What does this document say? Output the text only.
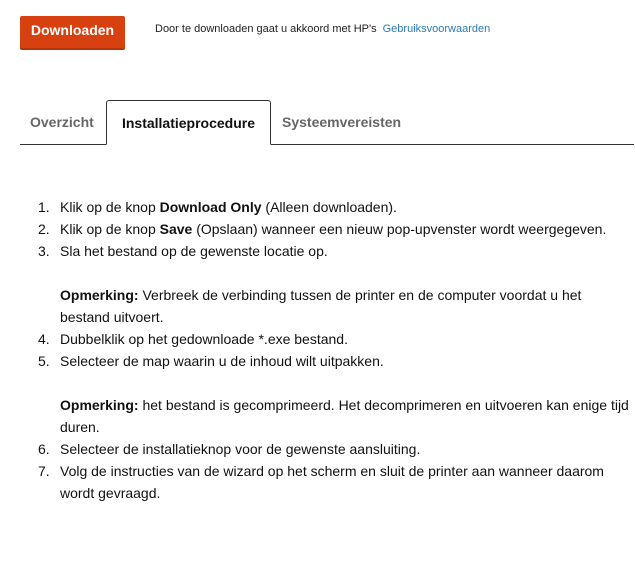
Downloaden	Door te downloaden gaat u akkoord met HP's Gebruiksvoorwaarden
Overzicht	Installatieprocedure	Systeemvereisten
1. Klik op de knop Download Only (Alleen downloaden).
2. Klik op de knop Save (Opslaan) wanneer een nieuw pop-upvenster wordt weergegeven.
3. Sla het bestand op de gewenste locatie op.

Opmerking: Verbreek de verbinding tussen de printer en de computer voordat u het bestand uitvoert.

4. Dubbelklik op het gedownloade *.exe bestand.
5. Selecteer de map waarin u de inhoud wilt uitpakken.

Opmerking: het bestand is gecomprimeerd. Het decomprimeren en uitvoeren kan enige tijd duren.

6. Selecteer de installatieknop voor de gewenste aansluiting.
7. Volg de instructies van de wizard op het scherm en sluit de printer aan wanneer daarom wordt gevraagd.
